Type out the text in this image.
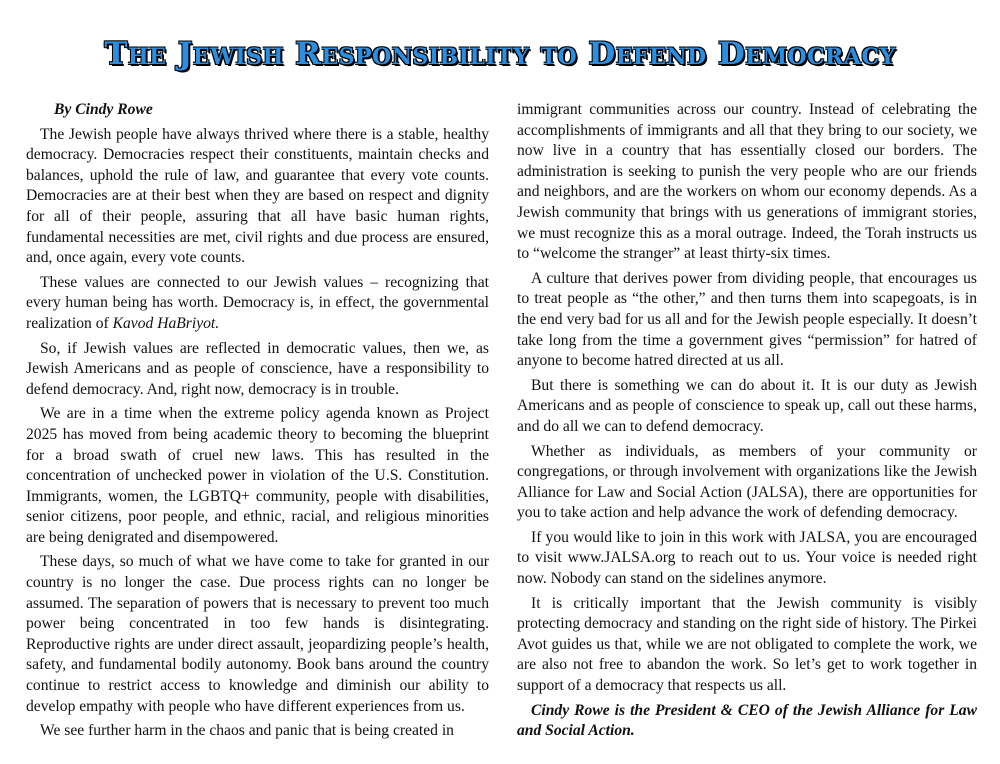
The Jewish Responsibility to Defend Democracy

By Cindy Rowe

The Jewish people have always thrived where there is a stable, healthy democracy. Democracies respect their constituents, maintain checks and balances, uphold the rule of law, and guarantee that every vote counts. Democracies are at their best when they are based on respect and dignity for all of their people, assuring that all have basic human rights, fundamental necessities are met, civil rights and due process are ensured, and, once again, every vote counts.

These values are connected to our Jewish values – recognizing that every human being has worth. Democracy is, in effect, the governmental realization of Kavod HaBriyot.

So, if Jewish values are reflected in democratic values, then we, as Jewish Americans and as people of conscience, have a responsibility to defend democracy. And, right now, democracy is in trouble.

We are in a time when the extreme policy agenda known as Project 2025 has moved from being academic theory to becoming the blueprint for a broad swath of cruel new laws. This has resulted in the concentration of unchecked power in violation of the U.S. Constitution. Immigrants, women, the LGBTQ+ community, people with disabilities, senior citizens, poor people, and ethnic, racial, and religious minorities are being denigrated and disempowered.

These days, so much of what we have come to take for granted in our country is no longer the case. Due process rights can no longer be assumed. The separation of powers that is necessary to prevent too much power being concentrated in too few hands is disintegrating. Reproductive rights are under direct assault, jeopardizing people’s health, safety, and fundamental bodily autonomy. Book bans around the country continue to restrict access to knowledge and diminish our ability to develop empathy with people who have different experiences from us.

We see further harm in the chaos and panic that is being created in

immigrant communities across our country. Instead of celebrating the accomplishments of immigrants and all that they bring to our society, we now live in a country that has essentially closed our borders. The administration is seeking to punish the very people who are our friends and neighbors, and are the workers on whom our economy depends. As a Jewish community that brings with us generations of immigrant stories, we must recognize this as a moral outrage. Indeed, the Torah instructs us to “welcome the stranger” at least thirty-six times.

A culture that derives power from dividing people, that encourages us to treat people as “the other,” and then turns them into scapegoats, is in the end very bad for us all and for the Jewish people especially. It doesn’t take long from the time a government gives “permission” for hatred of anyone to become hatred directed at us all.

But there is something we can do about it. It is our duty as Jewish Americans and as people of conscience to speak up, call out these harms, and do all we can to defend democracy.

Whether as individuals, as members of your community or congregations, or through involvement with organizations like the Jewish Alliance for Law and Social Action (JALSA), there are opportunities for you to take action and help advance the work of defending democracy.

If you would like to join in this work with JALSA, you are encouraged to visit www.JALSA.org to reach out to us. Your voice is needed right now. Nobody can stand on the sidelines anymore.

It is critically important that the Jewish community is visibly protecting democracy and standing on the right side of history. The Pirkei Avot guides us that, while we are not obligated to complete the work, we are also not free to abandon the work. So let’s get to work together in support of a democracy that respects us all.

Cindy Rowe is the President & CEO of the Jewish Alliance for Law and Social Action.
